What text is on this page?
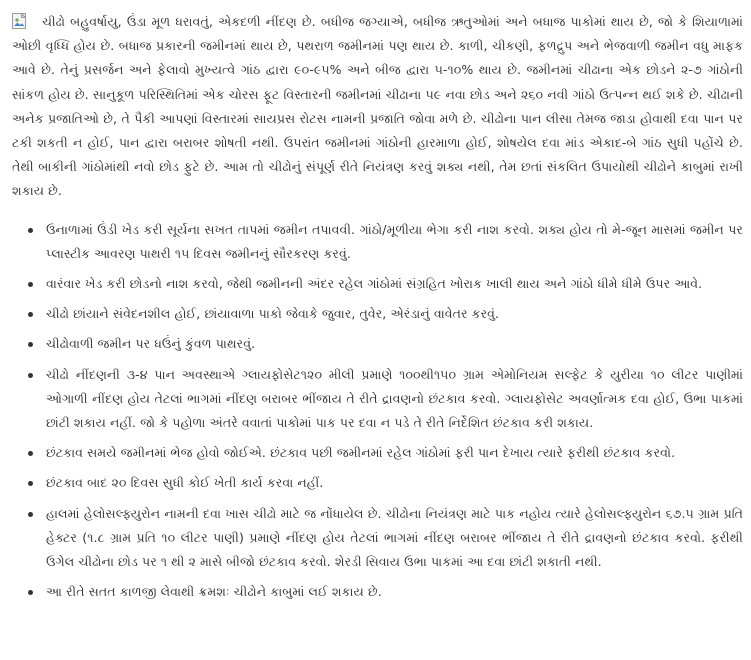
ચીઢો બહુવર્ષાયુ, ઉંડા મૂળ ધરાવતું, એકદળી નીંદણ છે. બધીજ જગ્યાએ, બધીજ ઋતુઓમાં અને બધાજ પાકોમાં થાય છે, જો કે શિયાળામાં ઓછી વૃધ્ધિ હોય છે. બધાજ પ્રકારની જમીનમાં થાય છે, પથરાળ જમીનમાં પણ થાય છે. કાળી, ચીકણી, ફળદ્રુપ અને ભેજવાળી જમીન વધુ માફક આવે છે. તેનું પ્રસર્જન અને ફેલાવો મુખ્યત્વે ગાંઠ દ્વારા ૯૦-૯૫% અને બીજ દ્વારા ૫-૧૦% થાય છે. જમીનમાં ચીઢાના એક છોડને ૨-૭ ગાંઠોની સાંકળ હોય છે. સાનુકૂળ પરિસ્થિતિમાં એક ચોરસ ફૂટ વિસ્તારની જમીનમાં ચીઢાના ૫૯ નવા છોડ અને ૨૬૦ નવી ગાંઠો ઉત્પન્ન થઈ શકે છે. ચીઢાની અનેક પ્રજાતિઓ છે, તે પૈકી આપણાં વિસ્તારમાં સાયપ્રસ રોટસ નામની પ્રજાતિ જોવા મળે છે. ચીઢોના પાન લીસા તેમજ જાડા હોવાથી દવા પાન પર ટકી શકતી ન હોઈ, પાન દ્વારા બરાબર શોષતી નથી. ઉપરાંત જમીનમાં ગાંઠોની હારમાળા હોઈ, શોષયેલ દવા માંડ એકાદ-બે ગાંઠ સુધી પહોંચે છે. તેથી બાકીની ગાંઠોમાંથી નવો છોડ ફુટે છે. આમ તો ચીઢોનું સંપૂર્ણ રીતે નિયંત્રણ કરવું શક્ય નથી, તેમ છતાં સંકલિત ઉપાયોથી ચીઢોને કાબુમાં રાખી શકાય છે.

ઉનાળામાં ઉંડી ખેડ કરી સૂર્યના સખત તાપમાં જમીન તપાવવી. ગાંઠો/મૂળીયા ભેગા કરી નાશ કરવો. શક્ય હોય તો મે-જૂન માસમાં જમીન પર પ્લાસ્ટીક આવરણ પાથરી ૧૫ દિવસ જમીનનું સૌરકરણ કરવું.
વારંવાર ખેડ કરી છોડનો નાશ કરવો, જેથી જમીનની અંદર રહેલ ગાંઠોમાં સંગ્રહિત ખોરાક ખાલી થાય અને ગાંઠો ધીમે ધીમે ઉપર આવે.
ચીઢો છાંયાને સંવેદનશીલ હોઈ, છાંયાવાળા પાકો જેવાકે જુવાર, તુવેર, એરંડાનું વાવેતર કરવું.
ચીઢોવાળી જમીન પર ધઉંનું કુંવળ પાથરવું.
ચીઢો નીંદણની ૩-૪ પાન અવસ્થાએ ગ્લાયફોસેટ૧૨૦ મીલી પ્રમાણે ૧૦૦થી૧૫૦ ગ્રામ એમોનિયમ સલ્ફેટ કે યુરીયા ૧૦ લીટર પાણીમાં ઓગાળી નીંદણ હોય તેટલાં ભાગમાં નીંદણ બરાબર ભીંજાય તે રીતે દ્રાવણનો છંટકાવ કરવો. ગ્લાયફોસેટ અવર્ણાત્મક દવા હોઈ, ઉભા પાકમાં છાંટી શકાય નહીં. જો કે પહોળા અંતરે વવાતાં પાકોમાં પાક પર દવા ન પડે તે રીતે નિર્દેશિત છંટકાવ કરી શકાય.
છંટકાવ સમયે જમીનમાં ભેજ હોવો જોઈએ. છંટકાવ પછી જમીનમાં રહેલ ગાંઠોમાં ફરી પાન દેખાય ત્યારે ફરીથી છંટકાવ કરવો.
છંટકાવ બાદ ૨૦ દિવસ સુધી કોઈ ખેતી કાર્ય કરવા નહીં.
હાલમાં હેલોસલ્ફ્યુરોન નામની દવા ખાસ ચીઢો માટે જ નોંધાયેલ છે. ચીઢોના નિયંત્રણ માટે પાક નહોય ત્યારે હેલોસલ્ફ્યુરોન ૬૭.૫ ગ્રામ પ્રતિ હેક્ટર (૧.૮ ગ્રામ પ્રતિ ૧૦ લીટર પાણી) પ્રમાણે નીંદણ હોય તેટલાં ભાગમાં નીંદણ બરાબર ભીંજાય તે રીતે દ્રાવણનો છંટકાવ કરવો. ફરીથી ઉગેલ ચીઢોના છોડ પર ૧ થી ૨ માસે બીજો છંટકાવ કરવો. શેરડી સિવાય ઉભા પાકમાં આ દવા છાંટી શકાતી નથી.
આ રીતે સતત કાળજી લેવાથી ક્રમશઃ ચીઢોને કાબુમાં લઈ શકાય છે.
